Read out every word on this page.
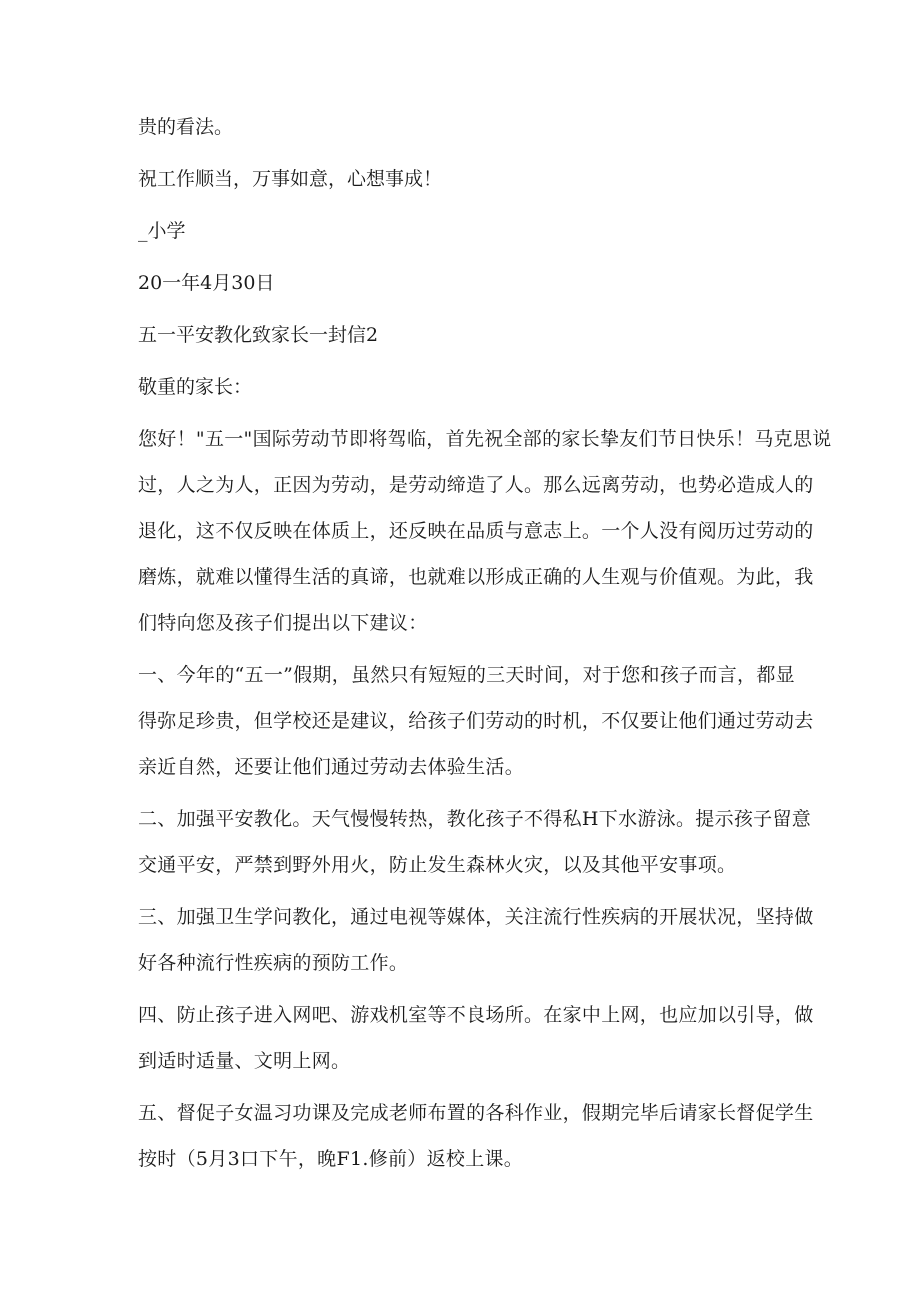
贵的看法。
祝工作顺当，万事如意，心想事成！
_小学
20一年4月30日
五一平安教化致家长一封信2
敬重的家长：
您好！"五一"国际劳动节即将驾临，首先祝全部的家长挚友们节日快乐！马克思说
过，人之为人，正因为劳动，是劳动缔造了人。那么远离劳动，也势必造成人的
退化，这不仅反映在体质上，还反映在品质与意志上。一个人没有阅历过劳动的
磨炼，就难以懂得生活的真谛，也就难以形成正确的人生观与价值观。为此，我
们特向您及孩子们提出以下建议：
一、今年的“五一”假期，虽然只有短短的三天时间，对于您和孩子而言，都显
得弥足珍贵，但学校还是建议，给孩子们劳动的时机，不仅要让他们通过劳动去
亲近自然，还要让他们通过劳动去体验生活。
二、加强平安教化。天气慢慢转热，教化孩子不得私H下水游泳。提示孩子留意
交通平安，严禁到野外用火，防止发生森林火灾，以及其他平安事项。
三、加强卫生学问教化，通过电视等媒体，关注流行性疾病的开展状况，坚持做
好各种流行性疾病的预防工作。
四、防止孩子进入网吧、游戏机室等不良场所。在家中上网，也应加以引导，做
到适时适量、文明上网。
五、督促子女温习功课及完成老师布置的各科作业，假期完毕后请家长督促学生
按时（5月3口下午，晚F1.修前）返校上课。
